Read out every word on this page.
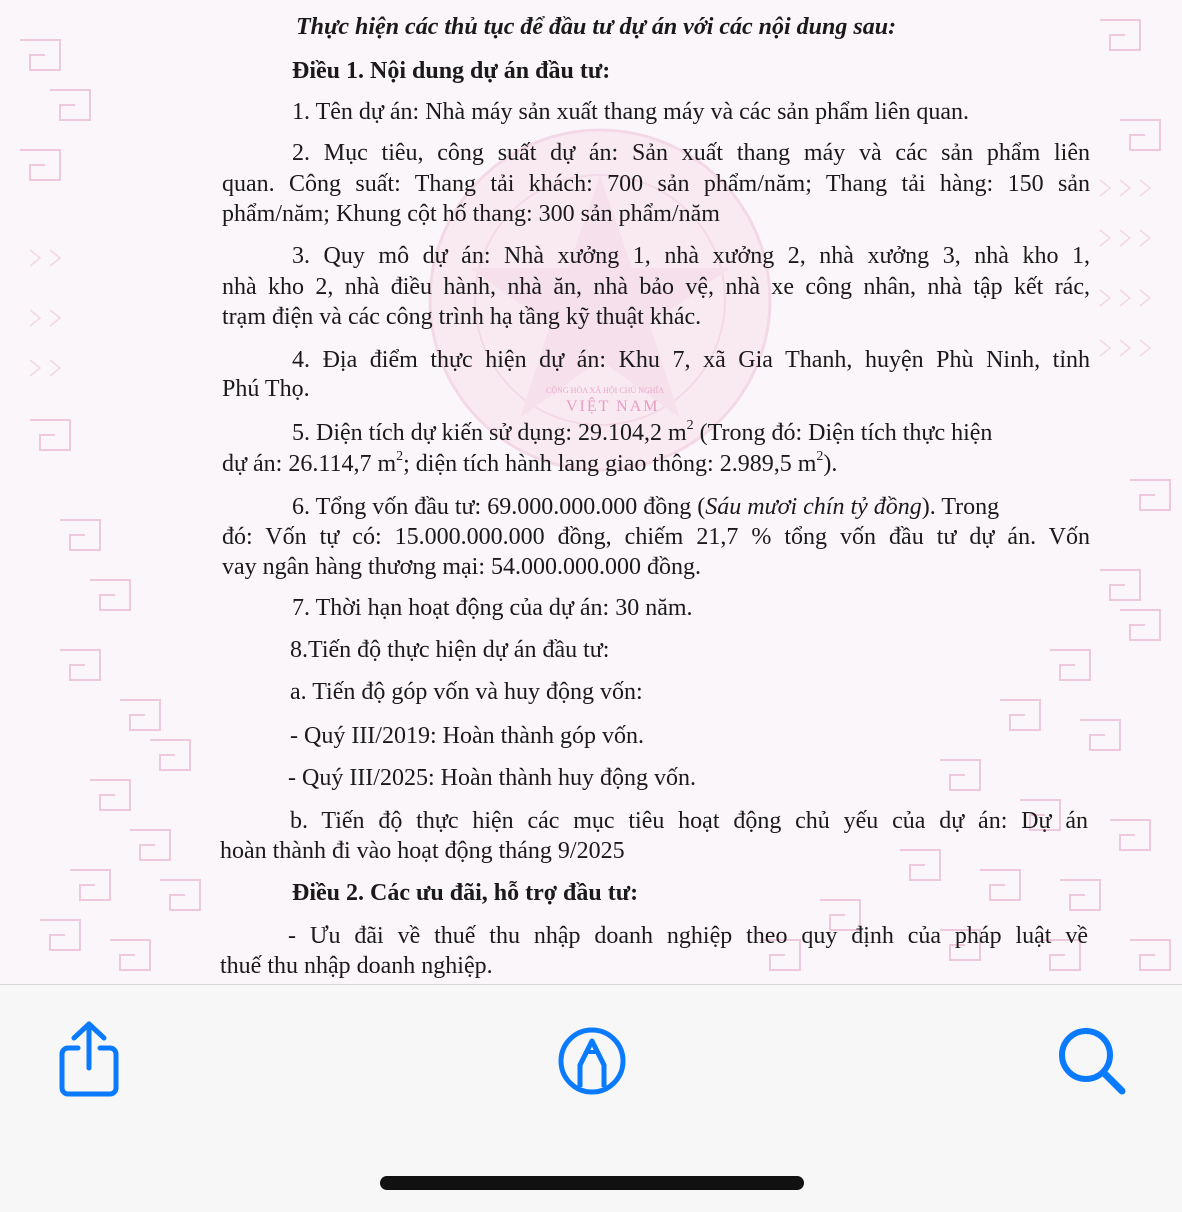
VIỆT NAM
CỘNG HÒA XÃ HỘI CHỦ NGHĨA
Thực hiện các thủ tục để đầu tư dự án với các nội dung sau:
Điều 1. Nội dung dự án đầu tư:
1. Tên dự án: Nhà máy sản xuất thang máy và các sản phẩm liên quan.
2. Mục tiêu, công suất dự án: Sản xuất thang máy và các sản phẩm liên
quan. Công suất: Thang tải khách: 700 sản phẩm/năm; Thang tải hàng: 150 sản
phẩm/năm; Khung cột hố thang: 300 sản phẩm/năm
3. Quy mô dự án: Nhà xưởng 1, nhà xưởng 2, nhà xưởng 3, nhà kho 1,
nhà kho 2, nhà điều hành, nhà ăn, nhà bảo vệ, nhà xe công nhân, nhà tập kết rác,
trạm điện và các công trình hạ tầng kỹ thuật khác.
4. Địa điểm thực hiện dự án: Khu 7, xã Gia Thanh, huyện Phù Ninh, tỉnh
Phú Thọ.
5. Diện tích dự kiến sử dụng: 29.104,2 $m^2$ (Trong đó: Diện tích thực hiện
dự án: 26.114,7 $m^2$; diện tích hành lang giao thông: 2.989,5 $m^2$).
6. Tổng vốn đầu tư: 69.000.000.000 đồng (Sáu mươi chín tỷ đồng). Trong
đó: Vốn tự có: 15.000.000.000 đồng, chiếm 21,7 % tổng vốn đầu tư dự án. Vốn
vay ngân hàng thương mại: 54.000.000.000 đồng.
7. Thời hạn hoạt động của dự án: 30 năm.
8.Tiến độ thực hiện dự án đầu tư:
a. Tiến độ góp vốn và huy động vốn:
- Quý III/2019: Hoàn thành góp vốn.
- Quý III/2025: Hoàn thành huy động vốn.
b. Tiến độ thực hiện các mục tiêu hoạt động chủ yếu của dự án: Dự án
hoàn thành đi vào hoạt động tháng 9/2025
Điều 2. Các ưu đãi, hỗ trợ đầu tư:
- Ưu đãi về thuế thu nhập doanh nghiệp theo quy định của pháp luật về
thuế thu nhập doanh nghiệp.
